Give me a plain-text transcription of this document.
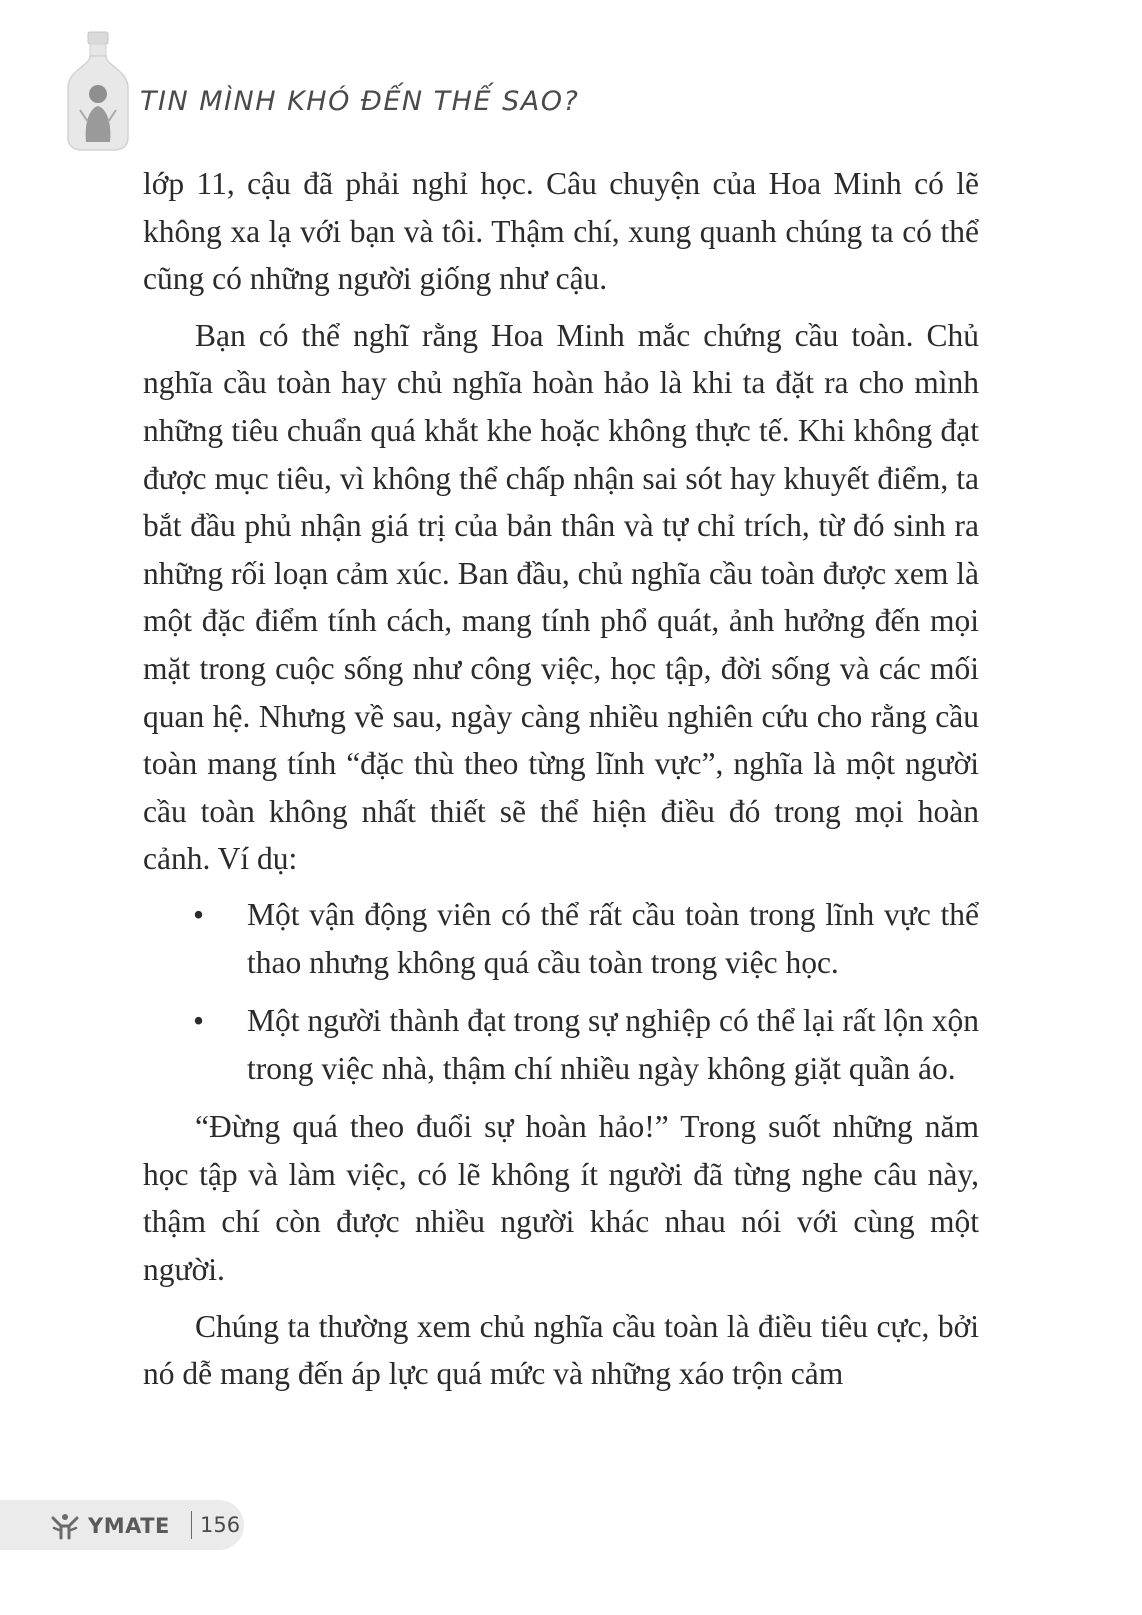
TIN MÌNH KHÓ ĐẾN THẾ SAO?

lớp 11, cậu đã phải nghỉ học. Câu chuyện của Hoa Minh có lẽ không xa lạ với bạn và tôi. Thậm chí, xung quanh chúng ta có thể cũng có những người giống như cậu.

Bạn có thể nghĩ rằng Hoa Minh mắc chứng cầu toàn. Chủ nghĩa cầu toàn hay chủ nghĩa hoàn hảo là khi ta đặt ra cho mình những tiêu chuẩn quá khắt khe hoặc không thực tế. Khi không đạt được mục tiêu, vì không thể chấp nhận sai sót hay khuyết điểm, ta bắt đầu phủ nhận giá trị của bản thân và tự chỉ trích, từ đó sinh ra những rối loạn cảm xúc. Ban đầu, chủ nghĩa cầu toàn được xem là một đặc điểm tính cách, mang tính phổ quát, ảnh hưởng đến mọi mặt trong cuộc sống như công việc, học tập, đời sống và các mối quan hệ. Nhưng về sau, ngày càng nhiều nghiên cứu cho rằng cầu toàn mang tính “đặc thù theo từng lĩnh vực”, nghĩa là một người cầu toàn không nhất thiết sẽ thể hiện điều đó trong mọi hoàn cảnh. Ví dụ:

• Một vận động viên có thể rất cầu toàn trong lĩnh vực thể thao nhưng không quá cầu toàn trong việc học.
• Một người thành đạt trong sự nghiệp có thể lại rất lộn xộn trong việc nhà, thậm chí nhiều ngày không giặt quần áo.

“Đừng quá theo đuổi sự hoàn hảo!” Trong suốt những năm học tập và làm việc, có lẽ không ít người đã từng nghe câu này, thậm chí còn được nhiều người khác nhau nói với cùng một người.

Chúng ta thường xem chủ nghĩa cầu toàn là điều tiêu cực, bởi nó dễ mang đến áp lực quá mức và những xáo trộn cảm

YMATE 156
